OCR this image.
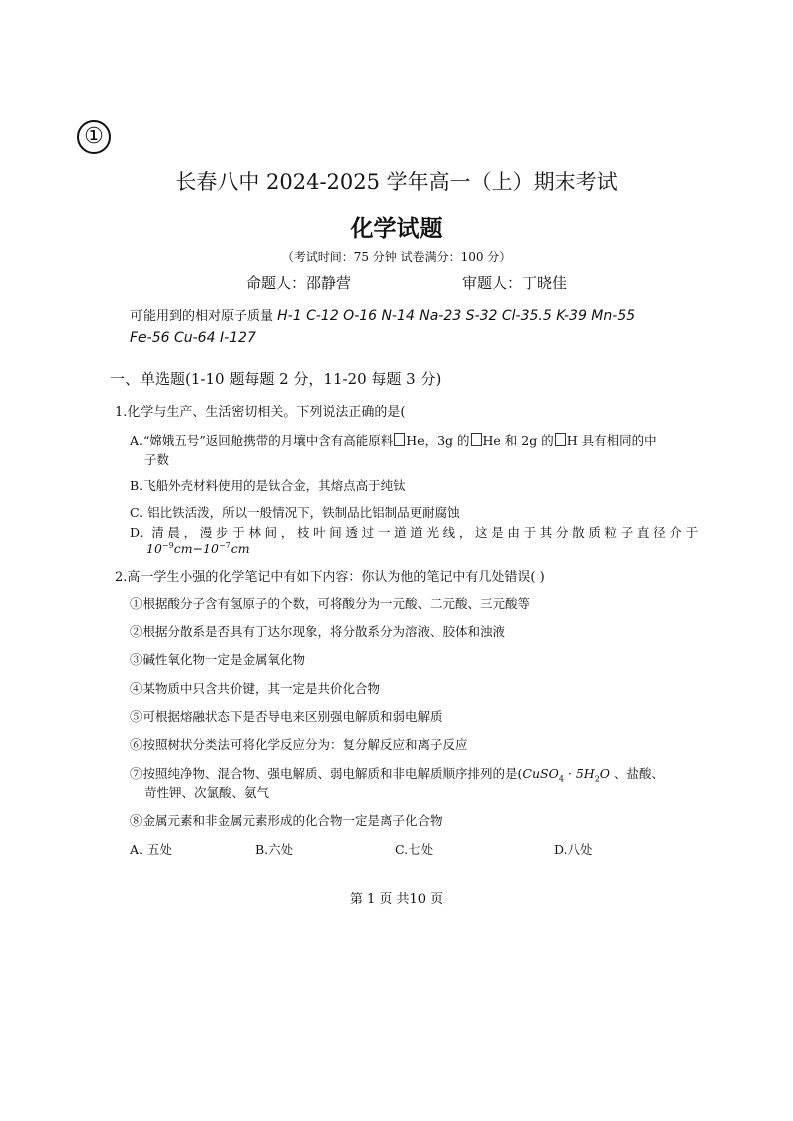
①
长春八中 2024-2025 学年高一（上）期末考试
化学试题
（考试时间：75 分钟 试卷满分：100 分）
命题人：邵静营	审题人：丁晓佳
可能用到的相对原子质量 H-1 C-12 O-16 N-14 Na-23 S-32 Cl-35.5 K-39 Mn-55
Fe-56 Cu-64 I-127
一、单选题(1-10 题每题 2 分，11-20 每题 3 分)
1.化学与生产、生活密切相关。下列说法正确的是(
A.“嫦娥五号”返回舱携带的月壤中含有高能原料 He，3g 的 He 和 2g 的 H 具有相同的中
子数
B.飞船外壳材料使用的是钛合金，其熔点高于纯钛
C. 铝比铁活泼，所以一般情况下，铁制品比铝制品更耐腐蚀
D. 清晨，漫步于林间，枝叶间透过一道道光线，这是由于其分散质粒子直径介于
$10^{-9}cm-10^{-7}cm$
2.高一学生小强的化学笔记中有如下内容：你认为他的笔记中有几处错误( )
①根据酸分子含有氢原子的个数，可将酸分为一元酸、二元酸、三元酸等
②根据分散系是否具有丁达尔现象，将分散系分为溶液、胶体和浊液
③碱性氧化物一定是金属氧化物
④某物质中只含共价键，其一定是共价化合物
⑤可根据熔融状态下是否导电来区别强电解质和弱电解质
⑥按照树状分类法可将化学反应分为：复分解反应和离子反应
⑦按照纯净物、混合物、强电解质、弱电解质和非电解质顺序排列的是(CuSO$_4$ · $5H_2O$ 、盐酸、
苛性钾、次氯酸、氨气
⑧金属元素和非金属元素形成的化合物一定是离子化合物
A. 五处	B.六处	C.七处	D.八处
第 1 页 共10 页
